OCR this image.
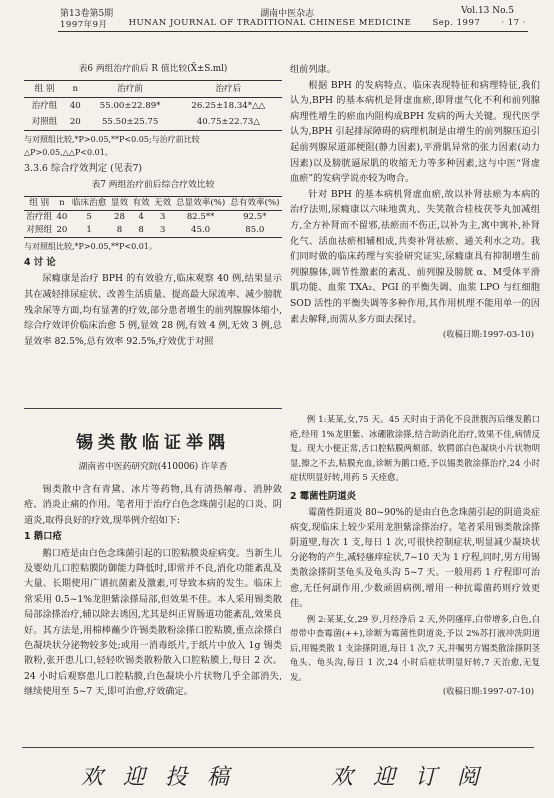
第13卷第5期	湖南中医杂志	Vol.13 No.5
1997年9月 HUNAN JOURNAL OF TRADITIONAL CHINESE MEDICINE Sep. 1997 · 17 ·
表6 两组治疗前后 R 值比较(X̄±S.ml)
组 别	n	治疗前	治疗后
治疗组	40	55.00±22.89*	26.25±18.34*△△
对照组	20	55.50±25.75	40.75±22.73△
与对照组比较,*P>0.05,**P<0.05;与治疗前比较△P>0.05,△△P<0.01。
3.3.6 综合疗效判定 (见表7)
表7 两组治疗前后综合疗效比较
组 别	n	临床治愈	显效	有效	无效	总显效率(%)	总有效率(%)
治疗组	40	5	28	4	3	82.5**	92.5*
对照组	20	1	8	8	3	45.0	85.0
与对照组比较,*P>0.05,**P<0.01。
4 讨 论

尿癃康是治疗 BPH 的有效验方,临床观察 40 例,结果显示其在减轻排尿症状、改善生活质量、提高最大尿流率、减少膀胱残余尿等方面,均有显著的疗效,部分患者增生的前列腺腺体缩小,综合疗效评价临床治愈 5 例,显效 28 例,有效 4 例,无效 3 例,总显效率 82.5%,总有效率 92.5%,疗效优于对照

组前列康。

根据 BPH 的发病特点、临床表现特征和病理特征,我们认为,BPH 的基本病机是肾虚血瘀,即肾虚气化不利和前列腺病理性增生的瘀血内阻构成BPH 发病的两大关键。现代医学认为,BPH 引起排尿障碍的病理机制是由增生的前列腺压迫引起前列腺尿道部梗阻(静力因素),平滑肌异常的张力因素(动力因素)以及膀胱逼尿肌的收缩无力等多种因素,这与中医“肾虚血瘀”的发病学说亦较为吻合。

针对 BPH 的基本病机肾虚血瘀,故以补肾祛瘀为本病的治疗法则,尿癃康以六味地黄丸、失笑散合桂枝茯苓丸加减组方,全方补肾而不留邪,祛瘀而不伤正,以补为主,寓中寓补,补肾化气、活血祛瘀相辅相成,共奏补肾祛瘀、通关利水之功。我们同时做的临床药理与实验研究证实,尿癃康具有抑制增生前列腺腺体,调节性激素的紊乱、前列腺及膀胱 α、M受体平滑肌功能、血浆 TXA₂、PGI 的平衡失调、血浆 LPO 与红细胞 SOD 活性的平衡失调等多种作用,其作用机理不能用单一的因素去解释,而需从多方面去探讨。

(收稿日期:1997-03-10)
锡类散临证举隅
湖南省中医药研究院(410006) 许苹香

锡类散中含有青黛、冰片等药物,具有清热解毒、消肿敛疮、消炎止痛的作用。笔者用于治疗白色念珠菌引起的口炎、阴道炎,取得良好的疗效,现举例介绍如下:

1 鹅口疮

鹅口疮是由白色念珠菌引起的口腔粘膜炎症病变。当新生儿及婴幼儿口腔粘膜防御能力降低时,即常并不良,消化功能紊乱及大量、长期使用广谱抗菌素及激素,可导致本病的发生。临床上常采用 0.5~1%龙胆紫涂搽局部,但效果不佳。本人采用锡类散局部涂搽治疗,辅以除去诱因,尤其是纠正胃肠道功能紊乱,效果良好。其方法是,用棉棒蘸少许锡类散粉涂搽口腔粘膜,重点涂搽白色凝块状分泌物较多处;或用一消毒纸片,于纸片中放入 1g 锡类散粉,张开患儿口,轻轻吹锡类散粉散入口腔粘膜上,每日 2 次。24 小时后观察患儿口腔粘膜,白色凝块小片状物几乎全部消失,继续使用至 5~7 天,即可治愈,疗效确定。

例 1:某某,女,75 天。45 天时由于消化不良泄腹泻后继发鹅口疮,经用 1%龙胆紫、冰硼散涂搽,结合助消化治疗,效果不佳,病情反复。现大小便正常,舌口腔粘膜两颊部、软腭部白色凝块小片状物明显,擦之不去,粘膜充血,诊断为鹅口疮,予以锡类散涂搽治疗,24 小时症状明显好转,用药 5 天痊愈。

2 霉菌性阴道炎

霉菌性阴道炎 80~90%的是由白色念珠菌引起的阴道炎症病变,现临床上较少采用龙胆紫涂搽治疗。笔者采用锡类散涂搽阴道壁,每次 1 支,每日 1 次,可很快控制症状,明显减少凝块状分泌物的产生,减轻瘙痒症状,7~10 天为 1 疗程,同时,男方用锡类散涂搽阴茎龟头及龟头沟 5~7 天。一般用药 1 疗程即可治愈,无任何副作用,少数顽固病例,增用一种抗霉菌药则疗效更佳。

例 2:某某,女,29 岁,月经净后 2 天,外阴瘙痒,白带增多,白色,白带带中查霉菌(++),诊断为霉菌性阴道炎,予以 2%苏打液冲洗阴道后,用锡类散 1 支涂搽阴道,每日 1 次,7 天,并嘱男方锡类散涂搽阴茎龟头、龟头沟,每日 1 次,24 小时后症状明显好转,7 天治愈,无复发。

(收稿日期:1997-07-10)
欢迎投稿	欢迎订阅
